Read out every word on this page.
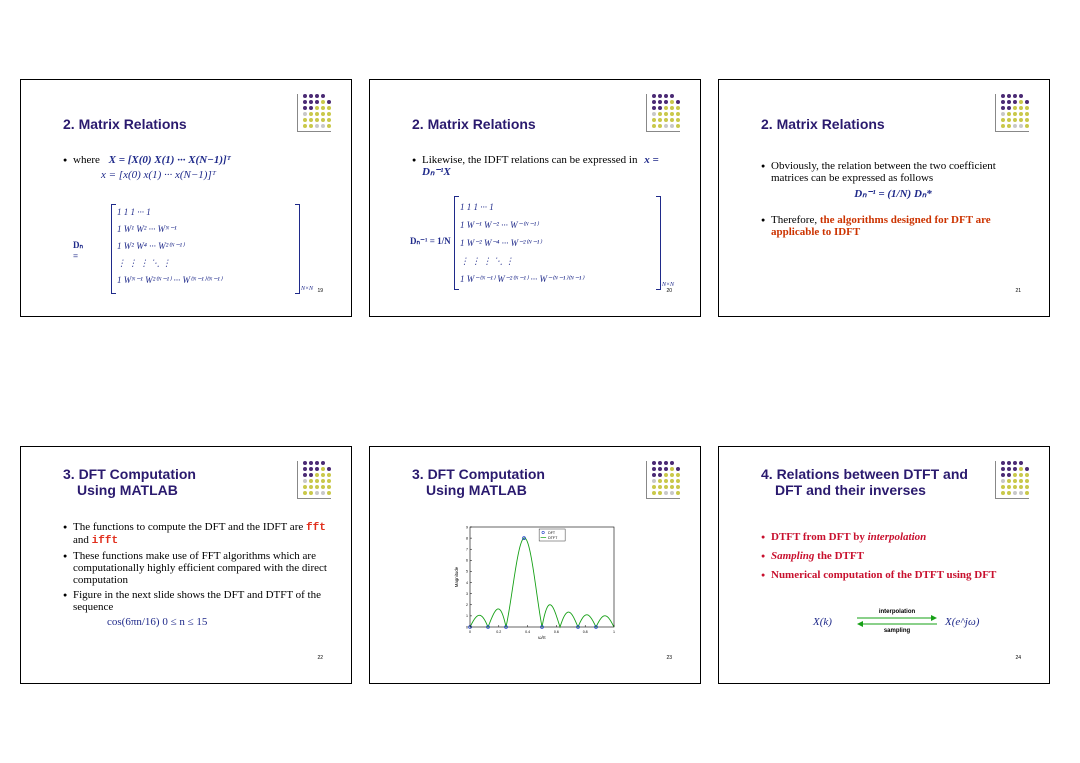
2. Matrix Relations
● where X = [X(0) X(1) ··· X(N−1)]ᵀ
x = [x(0) x(1) ··· x(N−1)]ᵀ
Dₙ =
1 1 1 ··· 1
1 W¹ W² ··· Wᴺ⁻¹
1 W² W⁴ ··· W²⁽ᴺ⁻¹⁾
⋮ ⋮ ⋮ ⋱ ⋮
1 Wᴺ⁻¹ W²⁽ᴺ⁻¹⁾ ··· W⁽ᴺ⁻¹⁾⁽ᴺ⁻¹⁾
N×N 19
2. Matrix Relations
● Likewise, the IDFT relations can be expressed in x = Dₙ⁻¹X
Dₙ⁻¹ = 1/N
1 1 1 ··· 1
1 W⁻¹ W⁻² ··· W⁻⁽ᴺ⁻¹⁾
1 W⁻² W⁻⁴ ··· W⁻²⁽ᴺ⁻¹⁾
⋮ ⋮ ⋮ ⋱ ⋮
1 W⁻⁽ᴺ⁻¹⁾ W⁻²⁽ᴺ⁻¹⁾ ··· W⁻⁽ᴺ⁻¹⁾⁽ᴺ⁻¹⁾
N×N
20
2. Matrix Relations
● Obviously, the relation between the two coefficient matrices can be expressed as follows
Dₙ⁻¹ = (1/N) Dₙ*
● Therefore, the algorithms designed for DFT are applicable to IDFT
21
3. DFT Computation
Using MATLAB
● The functions to compute the DFT and the IDFT are fft and ifft
● These functions make use of FFT algorithms which are computationally highly efficient compared with the direct computation
● Figure in the next slide shows the DFT and DTFT of the sequence
cos(6πn/16) 0 ≤ n ≤ 15
22
3. DFT Computation
Using MATLAB
0	0.2	0.4	0.6	0.8	1
0
1
2
3
4
5
6
7
8
9
ω/π
Magnitude
DFT
DTFT
23
4. Relations between DTFT and
DFT and their inverses
● DTFT from DFT by interpolation
● Sampling the DTFT
● Numerical computation of the DTFT using DFT
X(k)
interpolation
sampling
X(e^jω)
24
